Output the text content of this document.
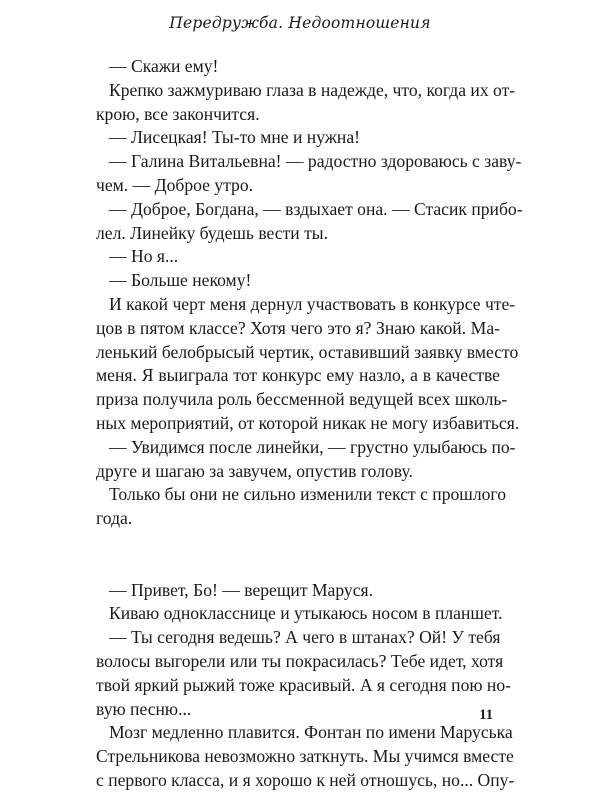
Передружба. Недоотношения
— Скажи ему!
Крепко зажмуриваю глаза в надежде, что, когда их от-
крою, все закончится.
— Лисецкая! Ты-то мне и нужна!
— Галина Витальевна! — радостно здороваюсь с заву-
чем. — Доброе утро.
— Доброе, Богдана, — вздыхает она. — Стасик прибо-
лел. Линейку будешь вести ты.
— Но я...
— Больше некому!
И какой черт меня дернул участвовать в конкурсе чте-
цов в пятом классе? Хотя чего это я? Знаю какой. Ма-
ленький белобрысый чертик, оставивший заявку вместо
меня. Я выиграла тот конкурс ему назло, а в качестве
приза получила роль бессменной ведущей всех школь-
ных мероприятий, от которой никак не могу избавиться.
— Увидимся после линейки, — грустно улыбаюсь по-
друге и шагаю за завучем, опустив голову.
Только бы они не сильно изменили текст с прошлого
года.
— Привет, Бо! — верещит Маруся.
Киваю однокласснице и утыкаюсь носом в планшет.
— Ты сегодня ведешь? А чего в штанах? Ой! У тебя
волосы выгорели или ты покрасилась? Тебе идет, хотя
твой яркий рыжий тоже красивый. А я сегодня пою но-
вую песню...
Мозг медленно плавится. Фонтан по имени Маруська
Стрельникова невозможно заткнуть. Мы учимся вместе
с первого класса, и я хорошо к ней отношусь, но... Опу-
11
